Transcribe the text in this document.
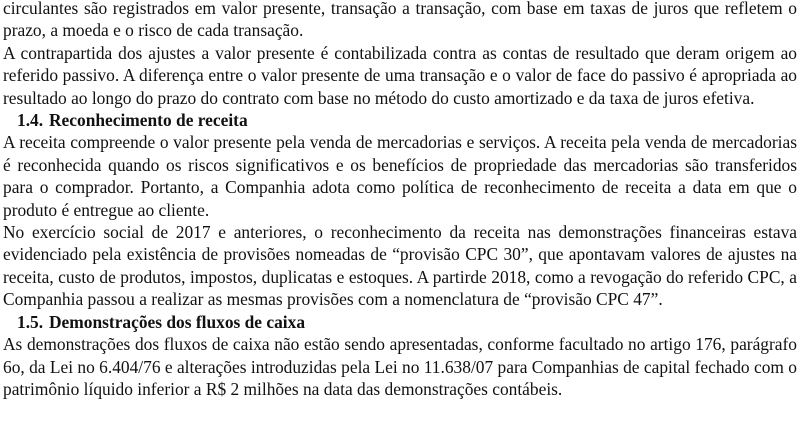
circulantes são registrados em valor presente, transação a transação, com base em taxas de juros que refletem o prazo, a moeda e o risco de cada transação.

A contrapartida dos ajustes a valor presente é contabilizada contra as contas de resultado que deram origem ao referido passivo. A diferença entre o valor presente de uma transação e o valor de face do passivo é apropriada ao resultado ao longo do prazo do contrato com base no método do custo amortizado e da taxa de juros efetiva.

1.4. Reconhecimento de receita

A receita compreende o valor presente pela venda de mercadorias e serviços. A receita pela venda de mercadorias é reconhecida quando os riscos significativos e os benefícios de propriedade das mercadorias são transferidos para o comprador. Portanto, a Companhia adota como política de reconhecimento de receita a data em que o produto é entregue ao cliente.

No exercício social de 2017 e anteriores, o reconhecimento da receita nas demonstrações financeiras estava evidenciado pela existência de provisões nomeadas de “provisão CPC 30”, que apontavam valores de ajustes na receita, custo de produtos, impostos, duplicatas e estoques. A partirde 2018, como a revogação do referido CPC, a Companhia passou a realizar as mesmas provisões com a nomenclatura de “provisão CPC 47”.

1.5. Demonstrações dos fluxos de caixa

As demonstrações dos fluxos de caixa não estão sendo apresentadas, conforme facultado no artigo 176, parágrafo 6o, da Lei no 6.404/76 e alterações introduzidas pela Lei no 11.638/07 para Companhias de capital fechado com o patrimônio líquido inferior a R$ 2 milhões na data das demonstrações contábeis.
